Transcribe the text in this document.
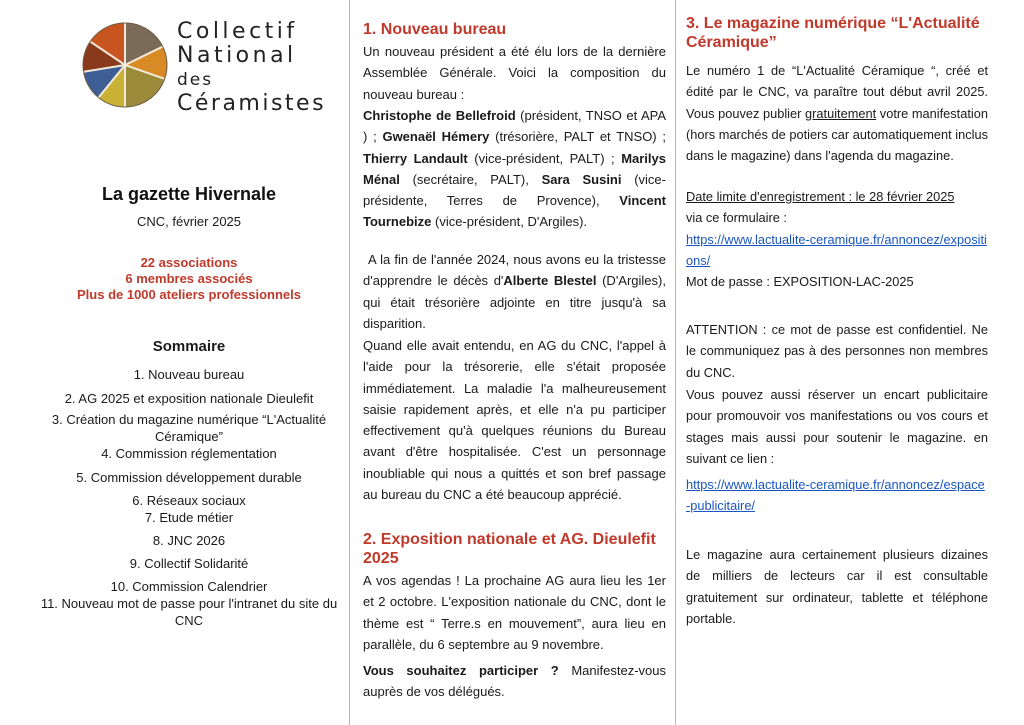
Collectif
National
des
Céramistes
La gazette Hivernale
CNC, février 2025
22 associations
6 membres associés
Plus de 1000 ateliers professionnels
Sommaire
1. Nouveau bureau
2. AG 2025 et exposition nationale Dieulefit
3. Création du magazine numérique “L'Actualité Céramique”
4. Commission réglementation
5. Commission développement durable
6. Réseaux sociaux
7. Etude métier
8. JNC 2026
9. Collectif Solidarité
10. Commission Calendrier
11. Nouveau mot de passe pour l'intranet du site du CNC
1. Nouveau bureau
Un nouveau président a été élu lors de la dernière Assemblée Générale. Voici la composition du nouveau bureau :
Christophe de Bellefroid (président, TNSO et APA ) ; Gwenaël Hémery (trésorière, PALT et TNSO) ; Thierry Landault (vice-président, PALT) ; Marilys Ménal (secrétaire, PALT), Sara Susini (vice-présidente, Terres de Provence), Vincent Tournebize (vice-président, D'Argiles).
A la fin de l'année 2024, nous avons eu la tristesse d'apprendre le décès d'Alberte Blestel (D'Argiles), qui était trésorière adjointe en titre jusqu'à sa disparition.
Quand elle avait entendu, en AG du CNC, l'appel à l'aide pour la trésorerie, elle s'était proposée immédiatement. La maladie l'a malheureusement saisie rapidement après, et elle n'a pu participer effectivement qu'à quelques réunions du Bureau avant d'être hospitalisée. C'est un personnage inoubliable qui nous a quittés et son bref passage au bureau du CNC a été beaucoup apprécié.
2. Exposition nationale et AG. Dieulefit 2025
A vos agendas ! La prochaine AG aura lieu les 1er et 2 octobre. L'exposition nationale du CNC, dont le thème est “ Terre.s en mouvement”, aura lieu en parallèle, du 6 septembre au 9 novembre.
Vous souhaitez participer ? Manifestez-vous auprès de vos délégués.
3. Le magazine numérique “L'Actualité Céramique”
Le numéro 1 de “L'Actualité Céramique “, créé et édité par le CNC, va paraître tout début avril 2025. Vous pouvez publier gratuitement votre manifestation (hors marchés de potiers car automatiquement inclus dans le magazine) dans l'agenda du magazine.
Date limite d'enregistrement : le 28 février 2025
via ce formulaire :
https://www.lactualite-ceramique.fr/annoncez/expositions/
Mot de passe : EXPOSITION-LAC-2025
ATTENTION : ce mot de passe est confidentiel. Ne le communiquez pas à des personnes non membres du CNC.
Vous pouvez aussi réserver un encart publicitaire pour promouvoir vos manifestations ou vos cours et stages mais aussi pour soutenir le magazine. en suivant ce lien :
https://www.lactualite-ceramique.fr/annoncez/espace-publicitaire/
Le magazine aura certainement plusieurs dizaines de milliers de lecteurs car il est consultable gratuitement sur ordinateur, tablette et téléphone portable.
